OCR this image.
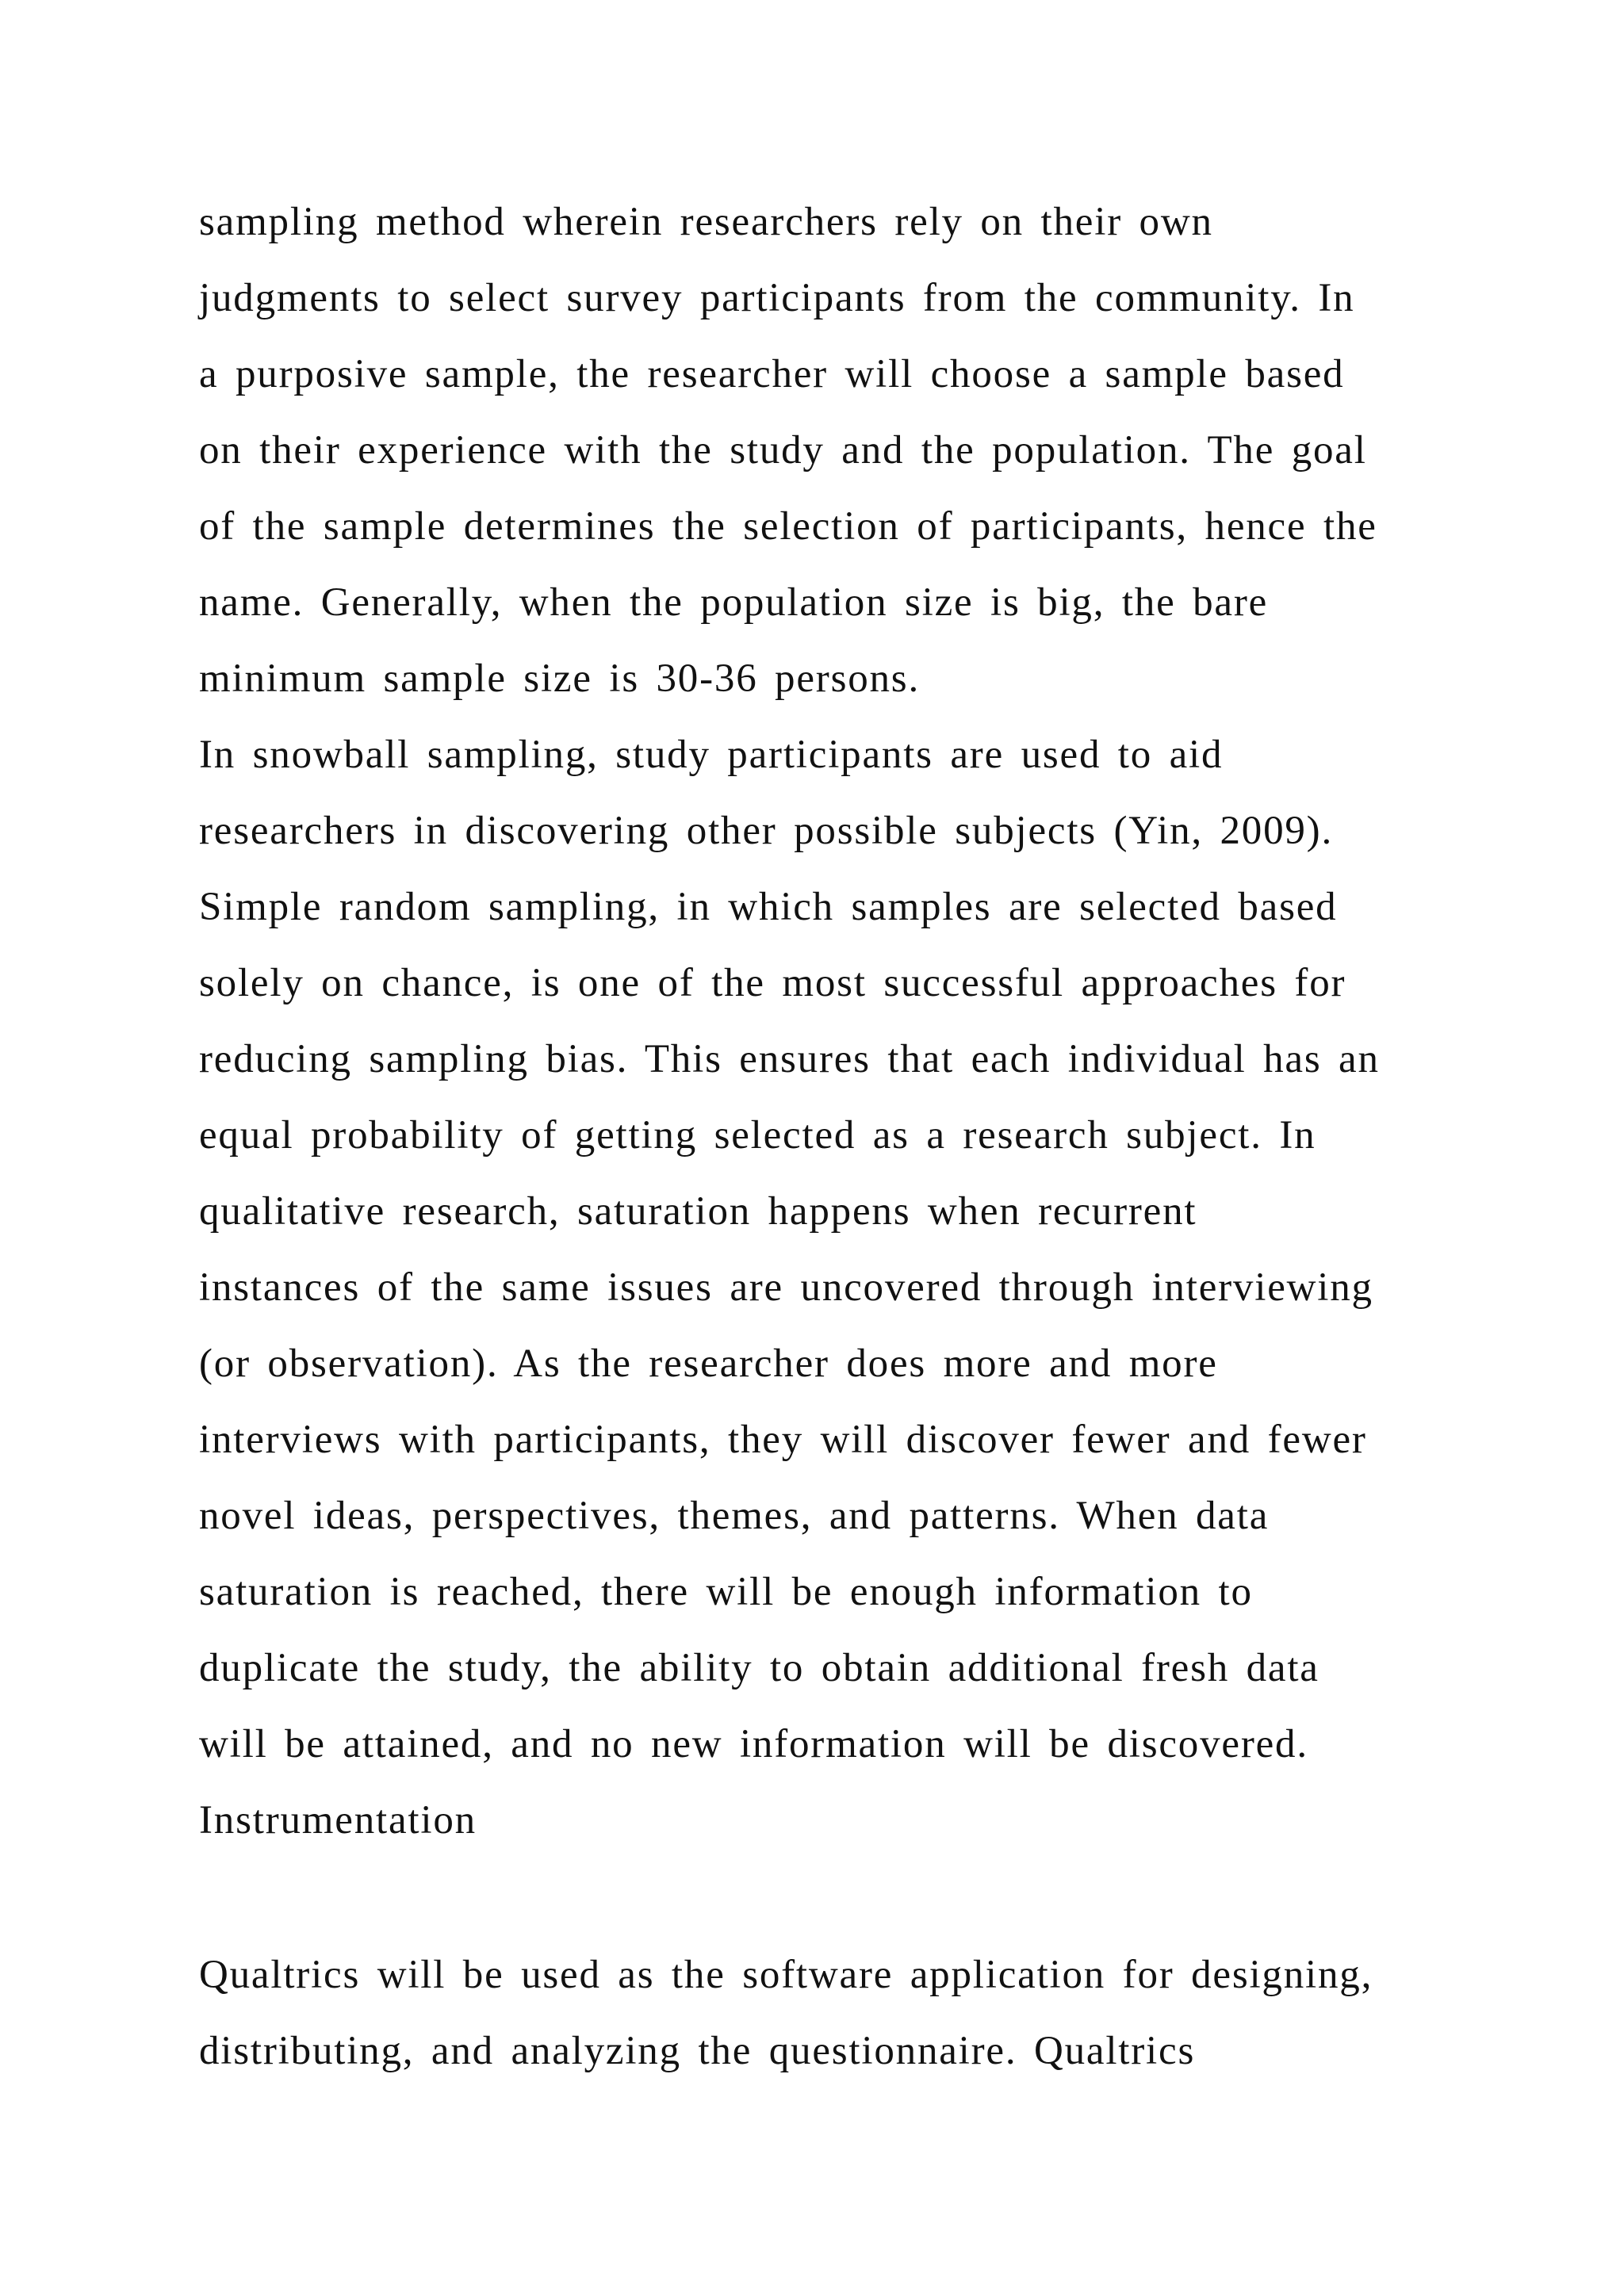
sampling method wherein researchers rely on their own
judgments to select survey participants from the community. In
a purposive sample, the researcher will choose a sample based
on their experience with the study and the population. The goal
of the sample determines the selection of participants, hence the
name. Generally, when the population size is big, the bare
minimum sample size is 30-36 persons.
In snowball sampling, study participants are used to aid
researchers in discovering other possible subjects (Yin, 2009).
Simple random sampling, in which samples are selected based
solely on chance, is one of the most successful approaches for
reducing sampling bias. This ensures that each individual has an
equal probability of getting selected as a research subject. In
qualitative research, saturation happens when recurrent
instances of the same issues are uncovered through interviewing
(or observation). As the researcher does more and more
interviews with participants, they will discover fewer and fewer
novel ideas, perspectives, themes, and patterns. When data
saturation is reached, there will be enough information to
duplicate the study, the ability to obtain additional fresh data
will be attained, and no new information will be discovered.
Instrumentation
Qualtrics will be used as the software application for designing,
distributing, and analyzing the questionnaire. Qualtrics
